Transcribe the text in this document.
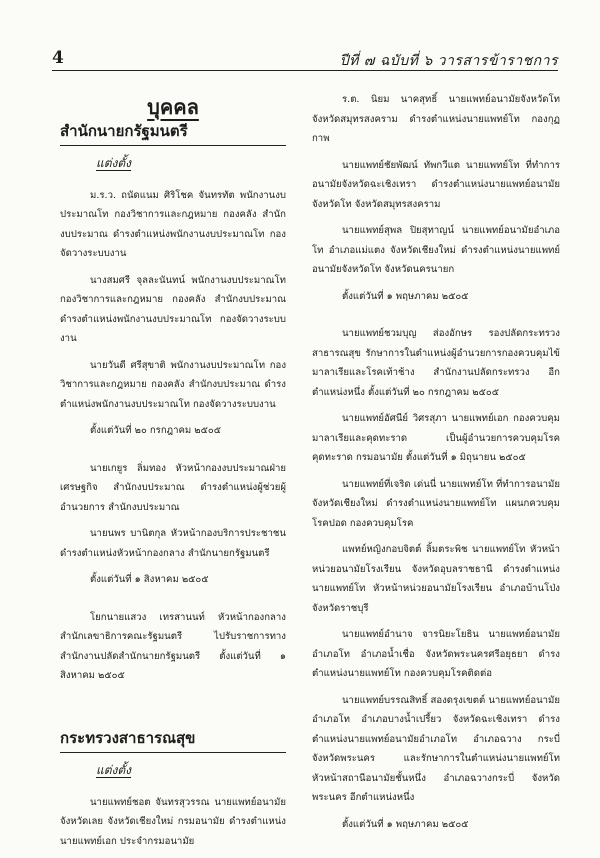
4	ปีที่ ๗ ฉบับที่ ๖ วารสารข้าราชการ
บุคคล
สำนักนายกรัฐมนตรี
แต่งตั้ง

ม.ร.ว. ถนัดแนม ศิริโชค จันทรทัต พนักงานงบประมาณโท กองวิชาการและกฎหมาย กองคลัง สำนักงบประมาณ ดำรงตำแหน่งพนักงานงบประมาณโท กองจัดวางระบบงาน

นางสมศรี จุลละนันทน์ พนักงานงบประมาณโท กองวิชาการและกฎหมาย กองคลัง สำนักงบประมาณ ดำรงตำแหน่งพนักงานงบประมาณโท กองจัดวางระบบงาน

นายวันดี ศรีสุขาติ พนักงานงบประมาณโท กองวิชาการและกฎหมาย กองคลัง สำนักงบประมาณ ดำรงตำแหน่งพนักงานงบประมาณโท กองจัดวางระบบงาน

ตั้งแต่วันที่ ๒๐ กรกฎาคม ๒๕๐๕

นายเกยูร ลิ่มทอง หัวหน้ากองงบประมาณฝ่ายเศรษฐกิจ สำนักงบประมาณ ดำรงตำแหน่งผู้ช่วยผู้อำนวยการ สำนักงบประมาณ

นายนพร บานิตกุล หัวหน้ากองบริการประชาชน ดำรงตำแหน่งหัวหน้ากองกลาง สำนักนายกรัฐมนตรี

ตั้งแต่วันที่ ๑ สิงหาคม ๒๕๐๕

โยกนายแสวง เทรสานนท์ หัวหน้ากองกลาง สำนักเลขาธิการคณะรัฐมนตรี ไปรับราชการทางสำนักงานปลัดสำนักนายกรัฐมนตรี ตั้งแต่วันที่ ๑ สิงหาคม ๒๕๐๕

กระทรวงสาธารณสุข
แต่งตั้ง

นายแพทย์ชอต จันทรสุวรรณ นายแพทย์อนามัยจังหวัดเลย จังหวัดเชียงใหม่ กรมอนามัย ดำรงตำแหน่งนายแพทย์เอก ประจำกรมอนามัย

ร.ต. นิยม นาคสุทธิ์ นายแพทย์อนามัยจังหวัดโท จังหวัดสมุทรสงคราม ดำรงตำแหน่งนายแพทย์โท กองกุฏกาพ

นายแพทย์ชัยพัฒน์ ทัพกวีแต นายแพทย์โท ที่ทำการอนามัยจังหวัดฉะเชิงเทรา ดำรงตำแหน่งนายแพทย์อนามัยจังหวัดโท จังหวัดสมุทรสงคราม

นายแพทย์สุพล ปิยสุทาญน์ นายแพทย์อนามัยอำเภอโท อำเภอแม่แตง จังหวัดเชียงใหม่ ดำรงตำแหน่งนายแพทย์อนามัยจังหวัดโท จังหวัดนครนายก

ตั้งแต่วันที่ ๑ พฤษภาคม ๒๕๐๕

นายแพทย์ชวมบุญ ส่องอักษร รองปลัดกระทรวงสาธารณสุข รักษาการในตำแหน่งผู้อำนวยการกองควบคุมไข้มาลาเรียและโรคเท้าช้าง สำนักงานปลัดกระทรวง อีกตำแหน่งหนึ่ง ตั้งแต่วันที่ ๒๐ กรกฎาคม ๒๕๐๕

นายแพทย์อัศนีย์ วิศรสุภา นายแพทย์เอก กองควบคุมมาลาเรียและคุดทะราด เป็นผู้อำนวยการควบคุมโรคคุดทะราด กรมอนามัย ตั้งแต่วันที่ ๑ มิถุนายน ๒๕๐๕

นายแพทย์ที่เจริด เด่นนี่ นายแพทย์โท ที่ทำการอนามัยจังหวัดเชียงใหม่ ดำรงตำแหน่งนายแพทย์โท แผนกควบคุมโรคปอด กองควบคุมโรค

แพทย์หญิงกอบจิตต์ ลิ้มตระพิช นายแพทย์โท หัวหน้าหน่วยอนามัยโรงเรียน จังหวัดอุบลราชธานี ดำรงตำแหน่งนายแพทย์โท หัวหน้าหน่วยอนามัยโรงเรียน อำเภอบ้านโป่ง จังหวัดราชบุรี

นายแพทย์อำนาจ จารนิยะโยธิน นายแพทย์อนามัยอำเภอโท อำเภอน้ำเชื่อ จังหวัดพระนครศรีอยุธยา ดำรงตำแหน่งนายแพทย์โท กองควบคุมโรคติดต่อ

นายแพทย์บรรณสิทธิ์ สองดรุงเขตต์ นายแพทย์อนามัยอำเภอโท อำเภอบางน้ำเปรี้ยว จังหวัดฉะเชิงเทรา ดำรงตำแหน่งนายแพทย์อนามัยอำเภอโท อำเภอฉวาง กระบี่ จังหวัดพระนคร และรักษาการในตำแหน่งนายแพทย์โท หัวหน้าสถานีอนามัยชั้นหนึ่ง อำเภอฉวางกระบี่ จังหวัดพระนคร อีกตำแหน่งหนึ่ง

ตั้งแต่วันที่ ๑ พฤษภาคม ๒๕๐๕
